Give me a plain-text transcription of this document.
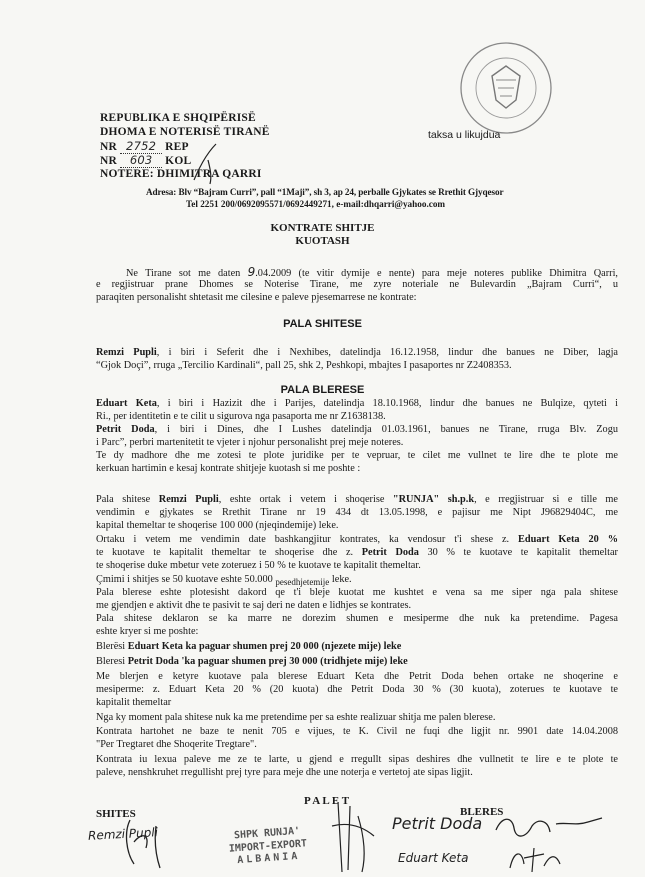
REPUBLIKA E SHQIPËRISË
DHOMA E NOTERISË TIRANË
NR 2752 REP
NR 603 KOL
NOTERE: DHIMITRA QARRI
taksa u likujdua
Adresa: Blv “Bajram Curri”, pall “1Maji”, sh 3, ap 24, perballe Gjykates se Rrethit Gjyqesor
Tel 2251 200/0692095571/0692449271, e-mail:dhqarri@yahoo.com
KONTRATE SHITJE
KUOTASH
Ne Tirane sot me daten 9.04.2009 (te vitir dymije e nente) para meje noteres publike Dhimitra Qarri,
e regjistruar prane Dhomes se Noterise Tirane, me zyre noteriale ne Bulevardin „Bajram Curri“, u
paraqiten personalisht shtetasit me cilesine e paleve pjesemarrese ne kontrate:
PALA SHITESE
Remzi Pupli, i biri i Seferit dhe i Nexhibes, datelindja 16.12.1958, lindur dhe banues ne Diber, lagja
“Gjok Doçi”, rruga „Tercilio Kardinali“, pall 25, shk 2, Peshkopi, mbajtes I pasaportes nr Z2408353.
PALA BLERESE
Eduart Keta, i biri i Hazizit dhe i Parijes, datelindja 18.10.1968, lindur dhe banues ne Bulqize, qyteti i
Ri., per identitetin e te cilit u sigurova nga pasaporta me nr Z1638138.
Petrit Doda, i biri i Dines, dhe I Lushes datelindja 01.03.1961, banues ne Tirane, rruga Blv. Zogu
i Parc”, perbri martenitetit te vjeter i njohur personalisht prej meje noteres.
Te dy madhore dhe me zotesi te plote juridike per te vepruar, te cilet me vullnet te lire dhe te plote me
kerkuan hartimin e kesaj kontrate shitjeje kuotash si me poshte :
Pala shitese Remzi Pupli, eshte ortak i vetem i shoqerise "RUNJA" sh.p.k, e rregjistruar si e tille me
vendimin e gjykates se Rrethit Tirane nr 19 434 dt 13.05.1998, e pajisur me Nipt J96829404C, me
kapital themeltar te shoqerise 100 000 (njeqindemije) leke.
Ortaku i vetem me vendimin date bashkangjitur kontrates, ka vendosur t'i shese z. Eduart Keta 20 %
te kuotave te kapitalit themeltar te shoqerise dhe z. Petrit Doda 30 % te kuotave te kapitalit themeltar
te shoqerise duke mbetur vete zoteruez i 50 % te kuotave te kapitalit themeltar.
Çmimi i shitjes se 50 kuotave eshte 50.000 pesedhjetemije leke.
Pala blerese eshte plotesisht dakord qe t'i bleje kuotat me kushtet e vena sa me siper nga pala shitese
me gjendjen e aktivit dhe te pasivit te saj deri ne daten e lidhjes se kontrates.
Pala shitese deklaron se ka marre ne dorezim shumen e mesiperme dhe nuk ka pretendime. Pagesa
eshte kryer si me poshte:
Blerësi Eduart Keta ka paguar shumen prej 20 000 (njezete mije) leke
Bleresi Petrit Doda 'ka paguar shumen prej 30 000 (tridhjete mije) leke
Me blerjen e ketyre kuotave pala blerese Eduart Keta dhe Petrit Doda behen ortake ne shoqerine e
mesiperme: z. Eduart Keta 20 % (20 kuota) dhe Petrit Doda 30 % (30 kuota), zoterues te kuotave te
kapitalit themeltar
Nga ky moment pala shitese nuk ka me pretendime per sa eshte realizuar shitja me palen blerese.
Kontrata hartohet ne baze te nenit 705 e vijues, te K. Civil ne fuqi dhe ligjit nr. 9901 date 14.04.2008
"Per Tregtaret dhe Shoqerite Tregtare".
Kontrata iu lexua paleve me ze te larte, u gjend e rregullt sipas deshires dhe vullnetit te lire e te plote te
paleve, nenshkruhet rregullisht prej tyre para meje dhe une noterja e vertetoj ate sipas ligjit.
P A L E T
SHITES	BLERES
Remzi Pupli	SHPK RUNJA'
IMPORT-EXPORT
ALBANIA
Petrit Doda
Eduart Keta
